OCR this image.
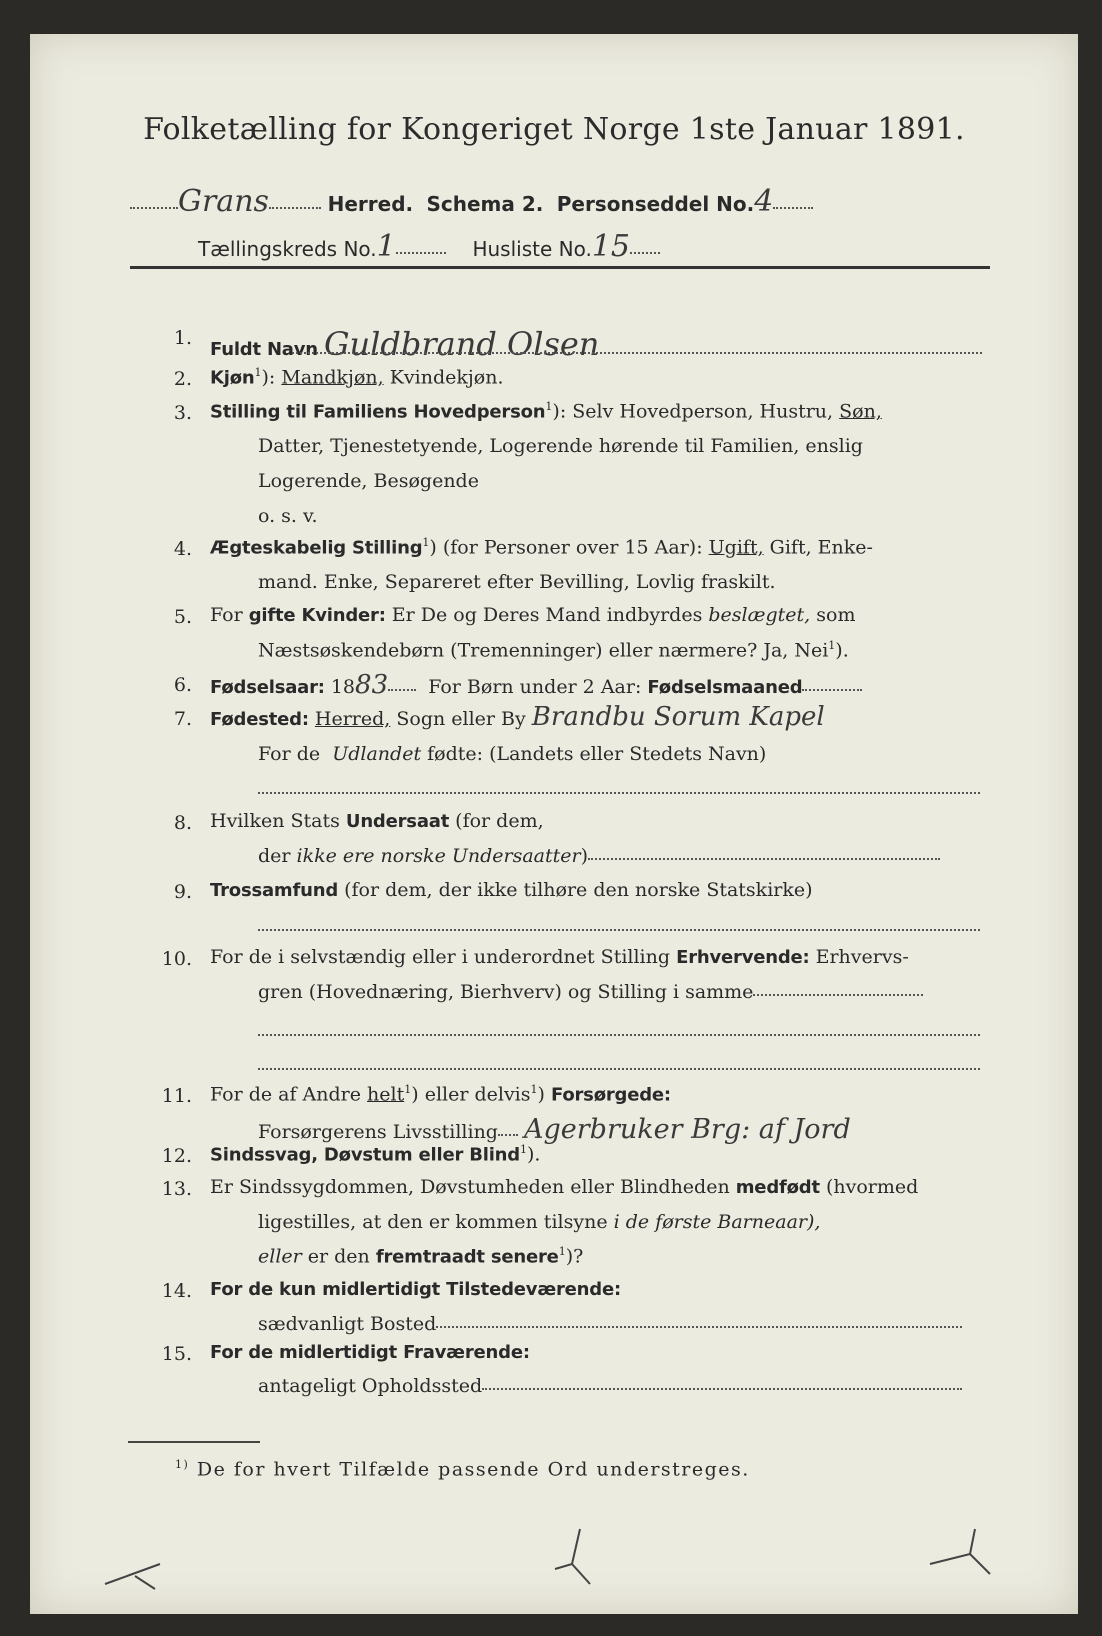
Folketælling for Kongeriget Norge 1ste Januar 1891.
Grans	Herred. Schema 2. Personseddel No.4
Tællingskreds No.1	Husliste No.15
1.
Fuldt Navn Guldbrand Olsen
2. Kjøn$^1$): Mandkjøn, Kvindekjøn.
3. Stilling til Familiens Hovedperson$^1$): Selv Hovedperson, Hustru, Søn,
Datter, Tjenestetyende, Logerende hørende til Familien, enslig
Logerende, Besøgende
o. s. v.
4. Ægteskabelig Stilling$^1$) (for Personer over 15 Aar): Ugift, Gift, Enke-
mand. Enke, Separeret efter Bevilling, Lovlig fraskilt.
5. For gifte Kvinder: Er De og Deres Mand indbyrdes beslægtet, som
Næstsøskendebørn (Tremenninger) eller nærmere? Ja, Nei$^1$).
6. Fødselsaar: 1883 For Børn under 2 Aar: Fødselsmaaned
7. Fødested: Herred, Sogn eller By Brandbu Sorum Kapel
For de Udlandet fødte: (Landets eller Stedets Navn)
8. Hvilken Stats Undersaat (for dem,
der ikke ere norske Undersaatter)
9. Trossamfund (for dem, der ikke tilhøre den norske Statskirke)
10. For de i selvstændig eller i underordnet Stilling Erhvervende: Erhvervs-
gren (Hovednæring, Bierhverv) og Stilling i samme
11. For de af Andre helt$^1$) eller delvis$^1$) Forsørgede:
Forsørgerens Livsstilling Agerbruker Brg: af Jord
12. Sindssvag, Døvstum eller Blind$^1$).
13. Er Sindssygdommen, Døvstumheden eller Blindheden medfødt (hvormed
ligestilles, at den er kommen tilsyne i de første Barneaar),
eller er den fremtraadt senere$^1$)?
14. For de kun midlertidigt Tilstedeværende:
sædvanligt Bosted
15. For de midlertidigt Fraværende:
antageligt Opholdssted
$^{1)}$ De for hvert Tilfælde passende Ord understreges.
